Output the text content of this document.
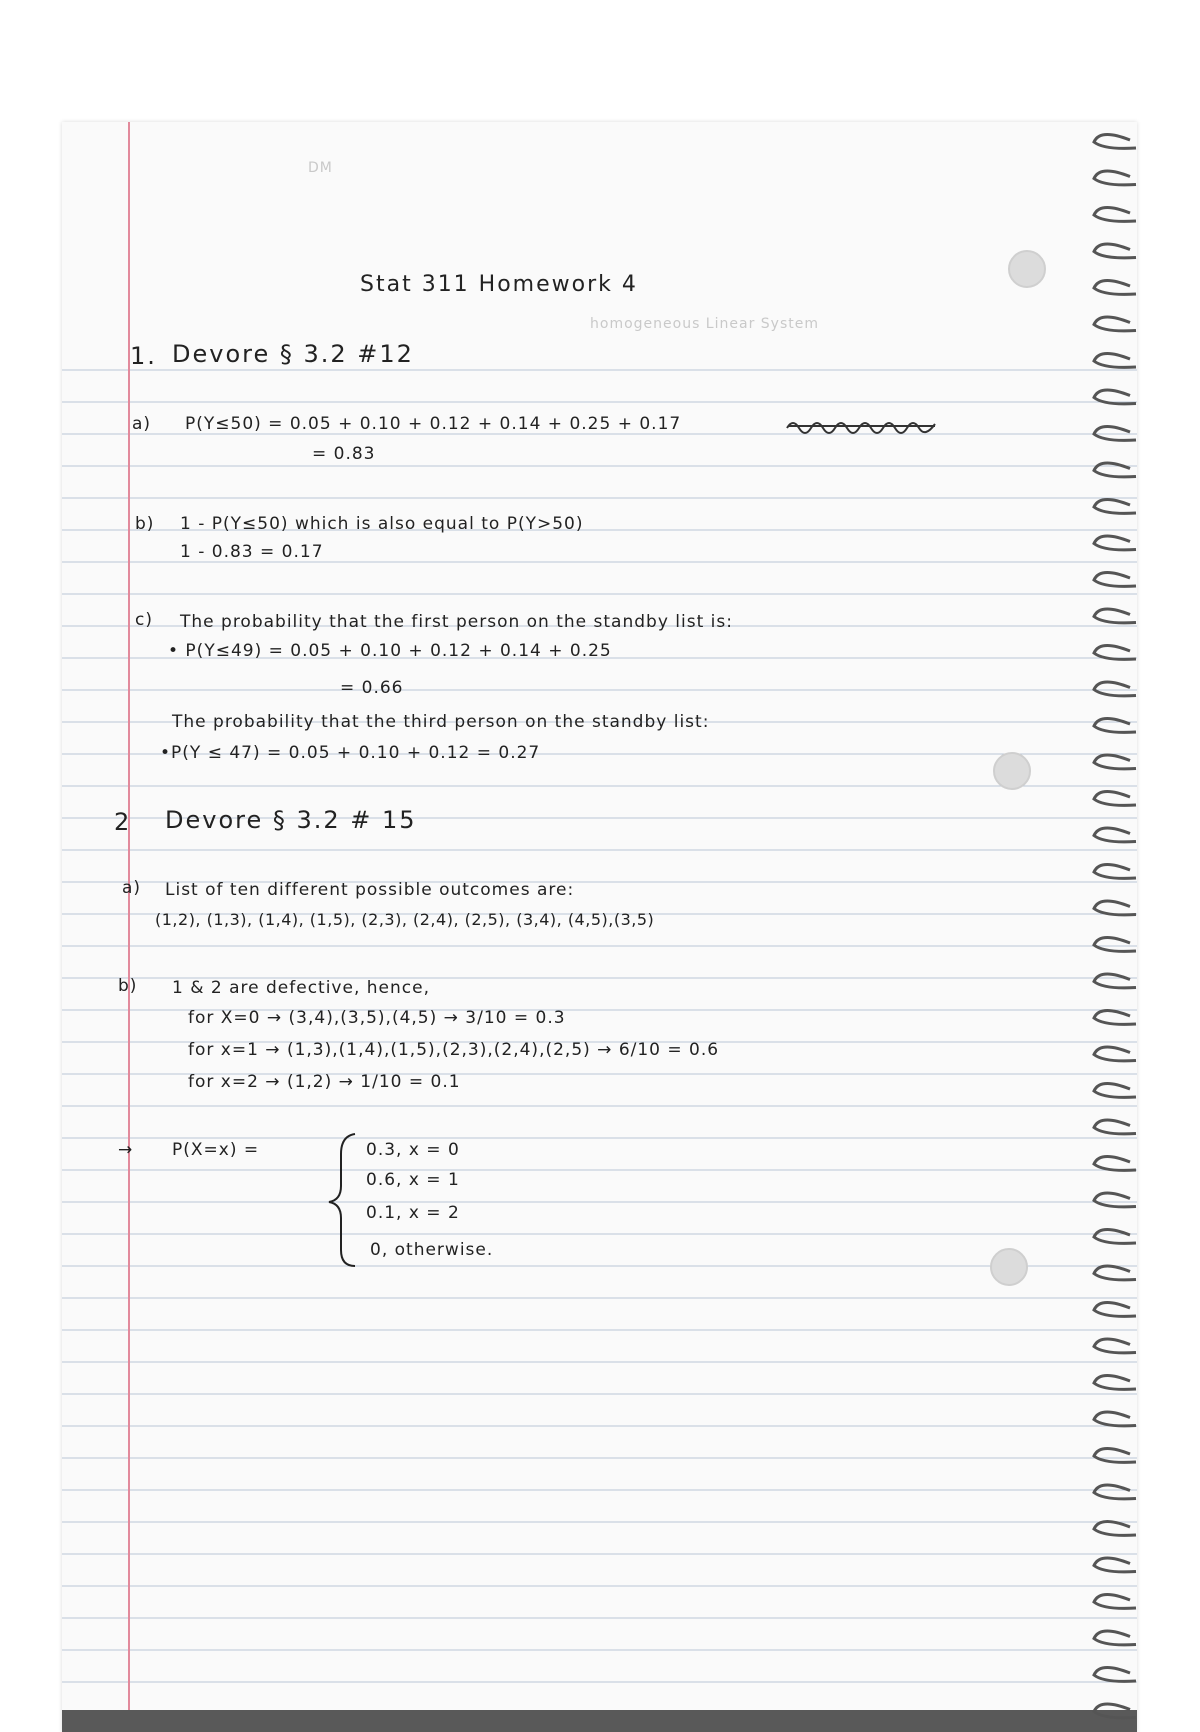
DM
homogeneous Linear System
Stat 311 Homework 4
1. Devore § 3.2 #12
a) P(Y≤50) = 0.05 + 0.10 + 0.12 + 0.14 + 0.25 + 0.17
= 0.83
b) 1 - P(Y≤50) which is also equal to P(Y>50)
1 - 0.83 = 0.17
c) The probability that the first person on the standby list is:
• P(Y≤49) = 0.05 + 0.10 + 0.12 + 0.14 + 0.25
= 0.66
The probability that the third person on the standby list:
•P(Y ≤ 47) = 0.05 + 0.10 + 0.12 = 0.27
2 Devore § 3.2 # 15
a) List of ten different possible outcomes are:
(1,2), (1,3), (1,4), (1,5), (2,3), (2,4), (2,5), (3,4), (4,5),(3,5)
b) 1 & 2 are defective, hence,
for X=0 → (3,4),(3,5),(4,5) → 3/10 = 0.3
for x=1 → (1,3),(1,4),(1,5),(2,3),(2,4),(2,5) → 6/10 = 0.6
for x=2 → (1,2) → 1/10 = 0.1
→ P(X=x) =	0.3, x = 0
0.6, x = 1
0.1, x = 2
0, otherwise.
